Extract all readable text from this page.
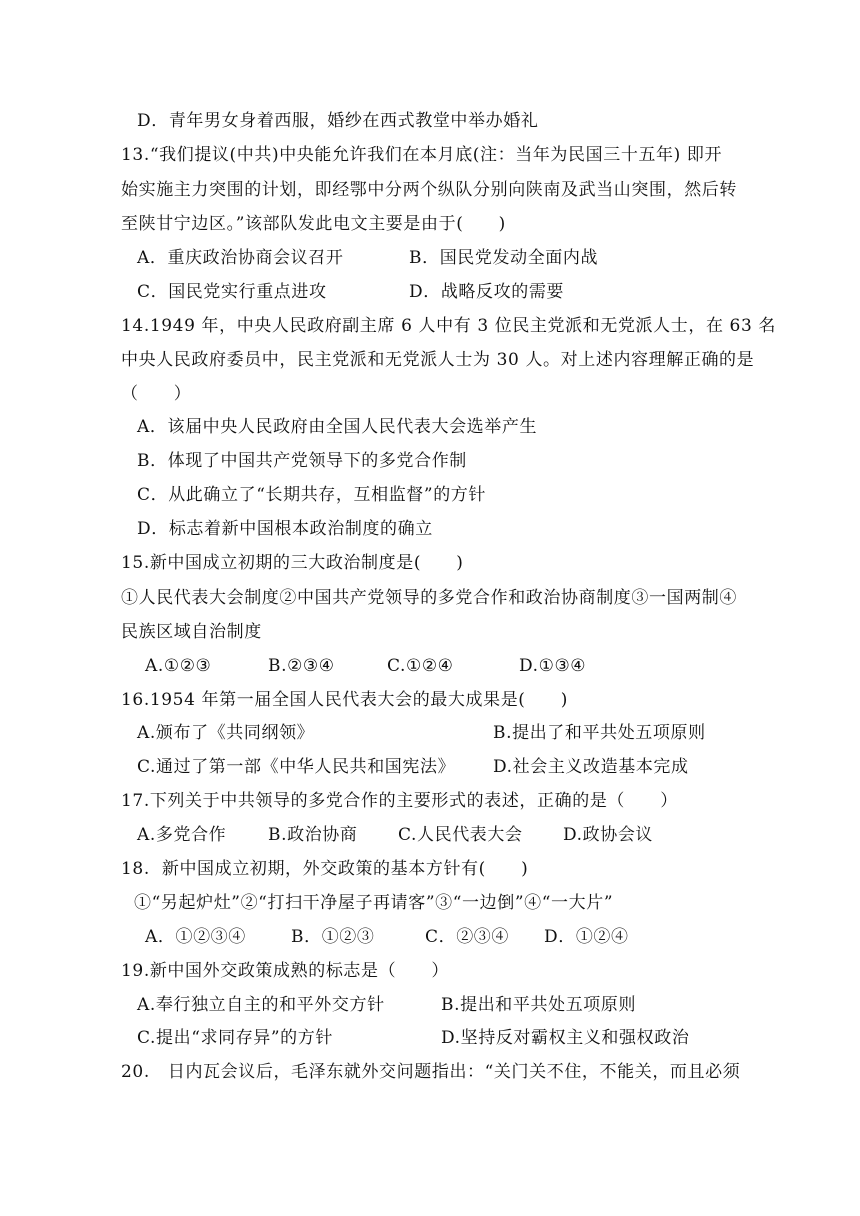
D．青年男女身着西服，婚纱在西式教堂中举办婚礼
13.“我们提议(中共)中央能允许我们在本月底(注：当年为民国三十五年) 即开
始实施主力突围的计划，即经鄂中分两个纵队分别向陕南及武当山突围，然后转
至陕甘宁边区。”该部队发此电文主要是由于(　　)
A．重庆政治协商会议召开	B．国民党发动全面内战
C．国民党实行重点进攻	D．战略反攻的需要
14.1949 年，中央人民政府副主席 6 人中有 3 位民主党派和无党派人士，在 63 名
中央人民政府委员中，民主党派和无党派人士为 30 人。对上述内容理解正确的是
（　　）
A．该届中央人民政府由全国人民代表大会选举产生
B．体现了中国共产党领导下的多党合作制
C．从此确立了“长期共存，互相监督”的方针
D．标志着新中国根本政治制度的确立
15.新中国成立初期的三大政治制度是(　　)
①人民代表大会制度②中国共产党领导的多党合作和政治协商制度③一国两制④
民族区域自治制度
A.①②③	B.②③④	C.①②④	D.①③④
16.1954 年第一届全国人民代表大会的最大成果是(　　)
A.颁布了《共同纲领》	B.提出了和平共处五项原则
C.通过了第一部《中华人民共和国宪法》 D.社会主义改造基本完成
17.下列关于中共领导的多党合作的主要形式的表述，正确的是（　　）
A.多党合作 B.政治协商 C.人民代表大会 D.政协会议
18.  新中国成立初期，外交政策的基本方针有(　　)
①“另起炉灶”②“打扫干净屋子再请客”③“一边倒”④“一大片”
A．①②③④	B．①②③	C．②③④ D．①②④
19.新中国外交政策成熟的标志是（　　）
A.奉行独立自主的和平外交方针	B.提出和平共处五项原则
C.提出“求同存异”的方针	D.坚持反对霸权主义和强权政治
20.   日内瓦会议后，毛泽东就外交问题指出：“关门关不住，不能关，而且必须
